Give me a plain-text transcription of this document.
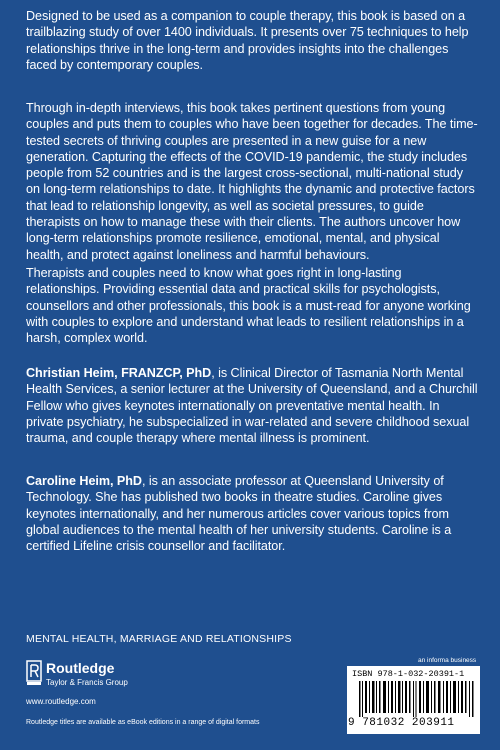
Designed to be used as a companion to couple therapy, this book is based on a trailblazing study of over 1400 individuals. It presents over 75 techniques to help relationships thrive in the long-term and provides insights into the challenges faced by contemporary couples.

Through in-depth interviews, this book takes pertinent questions from young couples and puts them to couples who have been together for decades. The time-tested secrets of thriving couples are presented in a new guise for a new generation. Capturing the effects of the COVID-19 pandemic, the study includes people from 52 countries and is the largest cross-sectional, multi-national study on long-term relationships to date. It highlights the dynamic and protective factors that lead to relationship longevity, as well as societal pressures, to guide therapists on how to manage these with their clients. The authors uncover how long-term relationships promote resilience, emotional, mental, and physical health, and protect against loneliness and harmful behaviours.

Therapists and couples need to know what goes right in long-lasting relationships. Providing essential data and practical skills for psychologists, counsellors and other professionals, this book is a must-read for anyone working with couples to explore and understand what leads to resilient relationships in a harsh, complex world.

Christian Heim, FRANZCP, PhD, is Clinical Director of Tasmania North Mental Health Services, a senior lecturer at the University of Queensland, and a Churchill Fellow who gives keynotes internationally on preventative mental health. In private psychiatry, he subspecialized in war-related and severe childhood sexual trauma, and couple therapy where mental illness is prominent.

Caroline Heim, PhD, is an associate professor at Queensland University of Technology. She has published two books in theatre studies. Caroline gives keynotes internationally, and her numerous articles cover various topics from global audiences to the mental health of her university students. Caroline is a certified Lifeline crisis counsellor and facilitator.

MENTAL HEALTH, MARRIAGE AND RELATIONSHIPS
Routledge
Taylor & Francis Group
www.routledge.com
Routledge titles are available as eBook editions in a range of digital formats
an informa business
ISBN 978-1-032-20391-1
9 781032 203911
